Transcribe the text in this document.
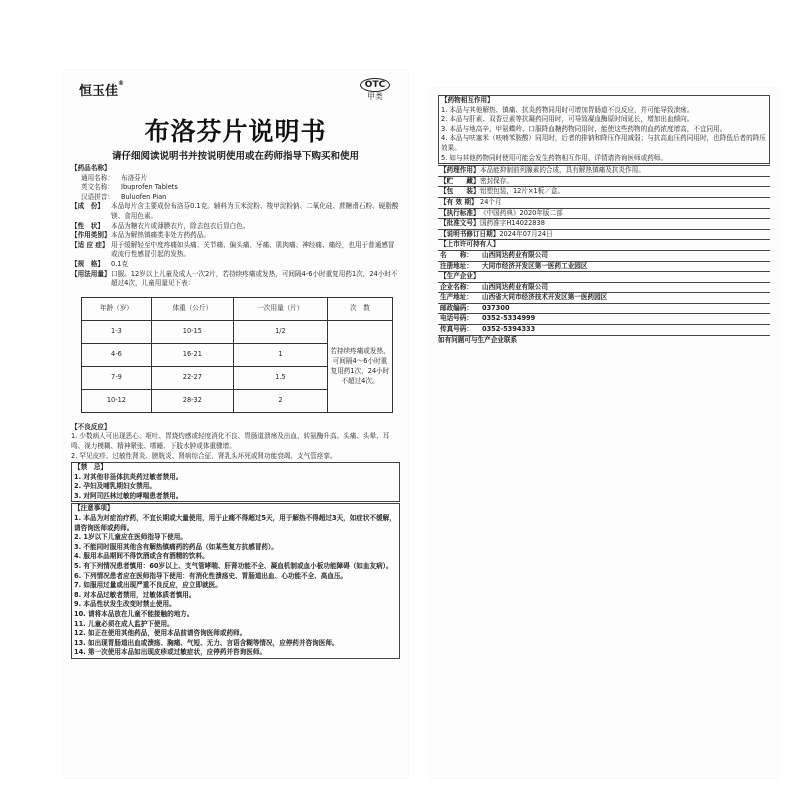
恒玉佳®	OTC
甲类
布洛芬片说明书
请仔细阅读说明书并按说明使用或在药师指导下购买和使用
【药品名称】
通用名称：	布洛芬片
英文名称：	Ibuprofen Tablets
汉语拼音：	Buluofen Pian
【成　份】	本品每片含主要成份布洛芬0.1克。辅料为玉米淀粉、羧甲淀粉钠、二氧化硅、蔗糖滑石粉、硬脂酸镁、食用色素。
【性　状】	本品为糖衣片或薄膜衣片，除去包衣后显白色。
【作用类别】 本品为解热镇痛类非处方药药品。
【适 应 症】 用于缓解轻至中度疼痛如头痛、关节痛、偏头痛、牙痛、肌肉痛、神经痛、痛经，也用于普通感冒或流行性感冒引起的发热。
【规　格】	0.1克
【用法用量】 口服。12岁以上儿童及成人一次2片，若持续疼痛或发热，可间隔4-6小时重复用药1次，24小时不超过4次，儿童用量见下表：
年龄（岁）	体重（公斤）	一次用量（片）	次　数
1-3	10-15	1/2	若持续疼痛或发热，可间隔4～6小时重复用药1次，24小时不超过4次。
4-6	16-21	1	
7-9	22-27	1.5	
10-12	28-32	2	
【不良反应】
1. 少数病人可出现恶心、呕吐、胃烧灼感或轻度消化不良、胃肠道溃疡及出血、转氨酶升高、头痛、头晕、耳鸣、视力模糊、精神紧张、嗜睡、下肢水肿或体重骤增。
2. 罕见皮疹、过敏性肾炎、膀胱炎、肾病综合征、肾乳头坏死或肾功能衰竭、支气管痉挛。
【禁　忌】
1. 对其他非甾体抗炎药过敏者禁用。
2. 孕妇及哺乳期妇女禁用。
3. 对阿司匹林过敏的哮喘患者禁用。
【注意事项】
1. 本品为对症治疗药，不宜长期或大量使用，用于止痛不得超过5天，用于解热不得超过3天，如症状不缓解，请咨询医师或药师。
2. 1岁以下儿童应在医师指导下使用。
3. 不能同时服用其他含有解热镇痛药的药品（如某些复方抗感冒药）。
4. 服用本品期间不得饮酒或含有酒精的饮料。
5. 有下列情况患者慎用：60岁以上、支气管哮喘、肝肾功能不全、凝血机制或血小板功能障碍（如血友病）。
6. 下列情况患者应在医师指导下使用：有消化性溃疡史、胃肠道出血、心功能不全、高血压。
7. 如服用过量或出现严重不良反应，应立即就医。
8. 对本品过敏者禁用，过敏体质者慎用。
9. 本品性状发生改变时禁止使用。
10. 请将本品放在儿童不能接触的地方。
11. 儿童必须在成人监护下使用。
12. 如正在使用其他药品，使用本品前请咨询医师或药师。
13. 如出现胃肠道出血或溃疡、胸痛、气短、无力、言语含糊等情况，应停药并咨询医师。
14. 第一次使用本品如出现皮疹或过敏症状，应停药并咨询医师。
【药物相互作用】
1. 本品与其他解热、镇痛、抗炎药物同用时可增加胃肠道不良反应，并可能导致溃疡。
2. 本品与肝素、双香豆素等抗凝药同用时，可导致凝血酶原时间延长，增加出血倾向。
3. 本品与地高辛、甲氨蝶呤、口服降血糖药物同用时，能使这些药物的血药浓度增高，不宜同用。
4. 本品与呋塞米（呋喃苯胺酸）同用时，后者的排钠和降压作用减弱；与抗高血压药同用时，也降低后者的降压效果。
5. 如与其他药物同时使用可能会发生药物相互作用，详情请咨询医师或药师。
【药理作用】 本品能抑制前列腺素的合成，具有解热镇痛及抗炎作用。
【贮　　藏】 密封保存。
【包　　装】 铝塑包装，12片×1板／盒。
【有 效 期】 24个月
【执行标准】 《中国药典》2020年版二部
【批准文号】 国药准字H14022838
【说明书修订日期】 2024年07月24日
【上市许可持有人】
名　　称：	山西同达药业有限公司
注册地址：	大同市经济开发区第一医药工业园区
【生产企业】
企业名称：	山西同达药业有限公司
生产地址：	山西省大同市经济技术开发区第一医药园区
邮政编码：	037300
电话号码：	0352-5334999
传真号码：	0352-5394333
如有问题可与生产企业联系
